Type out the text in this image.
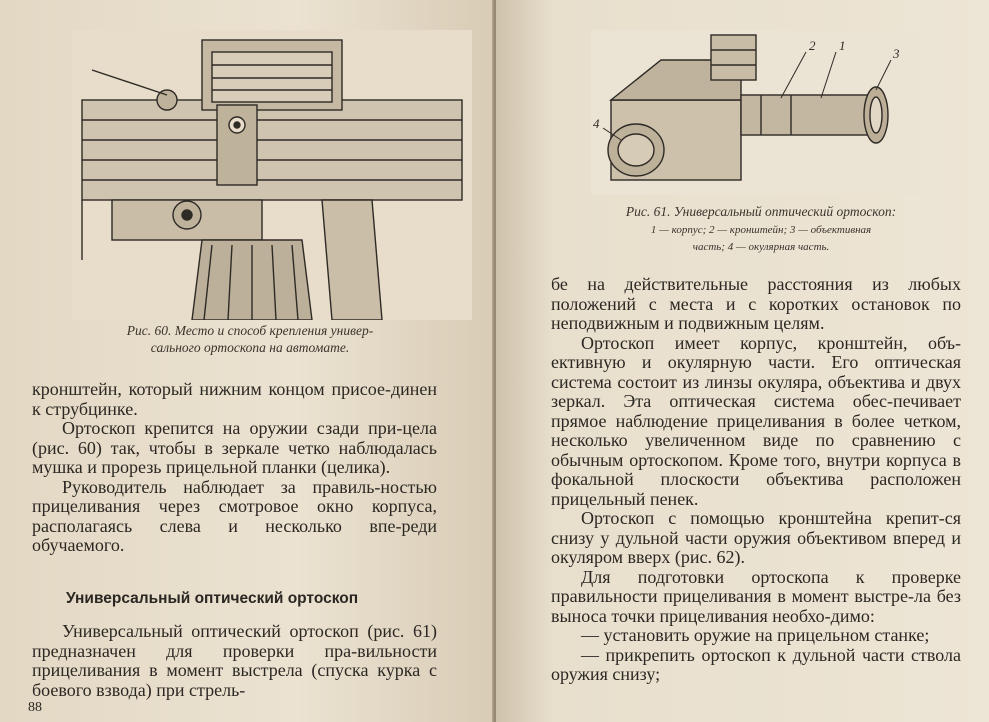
Рис. 60. Место и способ крепления универ-
сального ортоскопа на автомате.

кронштейн, который нижним концом присое-динен к струбцинке.

Ортоскоп крепится на оружии сзади при-цела (рис. 60) так, чтобы в зеркале четко наблюдалась мушка и прорезь прицельной планки (целика).

Руководитель наблюдает за правиль-ностью прицеливания через смотровое окно корпуса, располагаясь слева и несколько впе-реди обучаемого.

Универсальный оптический ортоскоп

Универсальный оптический ортоскоп (рис. 61) предназначен для проверки пра-вильности прицеливания в момент выстрела (спуска курка с боевого взвода) при стрель-

88
2 1
3
4
Рис. 61. Универсальный оптический ортоскоп:
1 — корпус; 2 — кронштейн; 3 — объективная
часть; 4 — окулярная часть.

бе на действительные расстояния из любых положений с места и с коротких остановок по неподвижным и подвижным целям.

Ортоскоп имеет корпус, кронштейн, объ-ективную и окулярную части. Его оптическая система состоит из линзы окуляра, объектива и двух зеркал. Эта оптическая система обес-печивает прямое наблюдение прицеливания в более четком, несколько увеличенном виде по сравнению с обычным ортоскопом. Кроме того, внутри корпуса в фокальной плоскости объектива расположен прицельный пенек.

Ортоскоп с помощью кронштейна крепит-ся снизу у дульной части оружия объективом вперед и окуляром вверх (рис. 62).

Для подготовки ортоскопа к проверке правильности прицеливания в момент выстре-ла без выноса точки прицеливания необхо-димо:

— установить оружие на прицельном станке;

— прикрепить ортоскоп к дульной части ствола оружия снизу;
